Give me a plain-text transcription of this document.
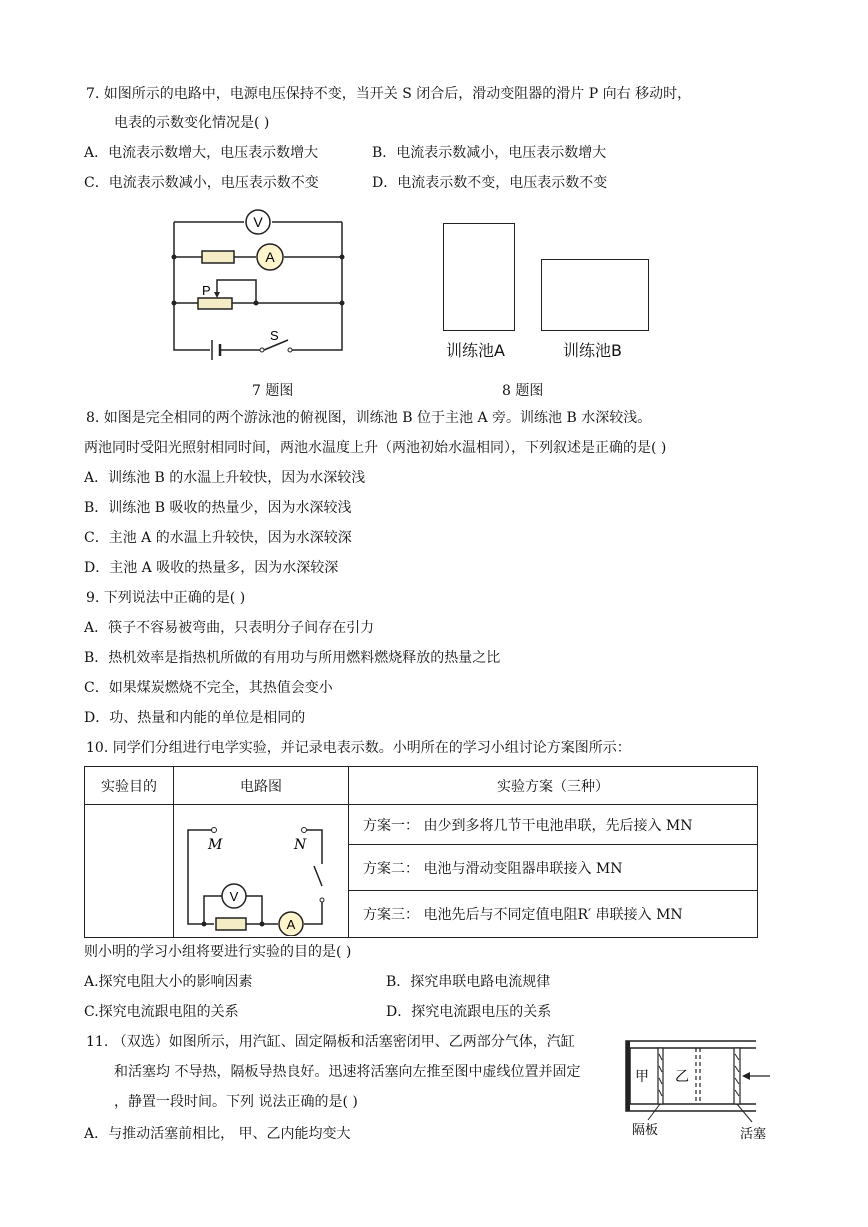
7. 如图所示的电路中，电源电压保持不变，当开关 S 闭合后，滑动变阻器的滑片 P 向右 移动时，
电表的示数变化情况是( )
A．电流表示数增大，电压表示数增大	B．电流表示数减小，电压表示数增大
C．电流表示数减小，电压表示数不变	D．电流表示数不变，电压表示数不变
V
A
P
S
7 题图
训练池A	训练池B
8 题图
8. 如图是完全相同的两个游泳池的俯视图，训练池 B 位于主池 A 旁。训练池 B 水深较浅。
两池同时受阳光照射相同时间，两池水温度上升（两池初始水温相同），下列叙述是正确的是( )
A．训练池 B 的水温上升较快，因为水深较浅
B．训练池 B 吸收的热量少，因为水深较浅
C．主池 A 的水温上升较快，因为水深较深
D．主池 A 吸收的热量多，因为水深较深
9. 下列说法中正确的是( )
A．筷子不容易被弯曲，只表明分子间存在引力
B．热机效率是指热机所做的有用功与所用燃料燃烧释放的热量之比
C．如果煤炭燃烧不完全，其热值会变小
D．功、热量和内能的单位是相同的
10. 同学们分组进行电学实验，并记录电表示数。小明所在的学习小组讨论方案图所示：
实验目的	电路图	实验方案（三种）

M N
V
A	方案一： 由少到多将几节干电池串联，先后接入 MN
		方案二： 电池与滑动变阻器串联接入 MN
		方案三： 电池先后与不同定值电阻R′ 串联接入 MN
则小明的学习小组将要进行实验的目的是( )
A.探究电阻大小的影响因素	B．探究串联电路电流规律
C.探究电流跟电阻的关系	D．探究电流跟电压的关系
11. （双选）如图所示，用汽缸、固定隔板和活塞密闭甲、乙两部分气体，汽缸
和活塞均 不导热，隔板导热良好。迅速将活塞向左推至图中虚线位置并固定
，静置一段时间。下列 说法正确的是( )
A．与推动活塞前相比， 甲、乙内能均变大
甲 乙
隔板	活塞
